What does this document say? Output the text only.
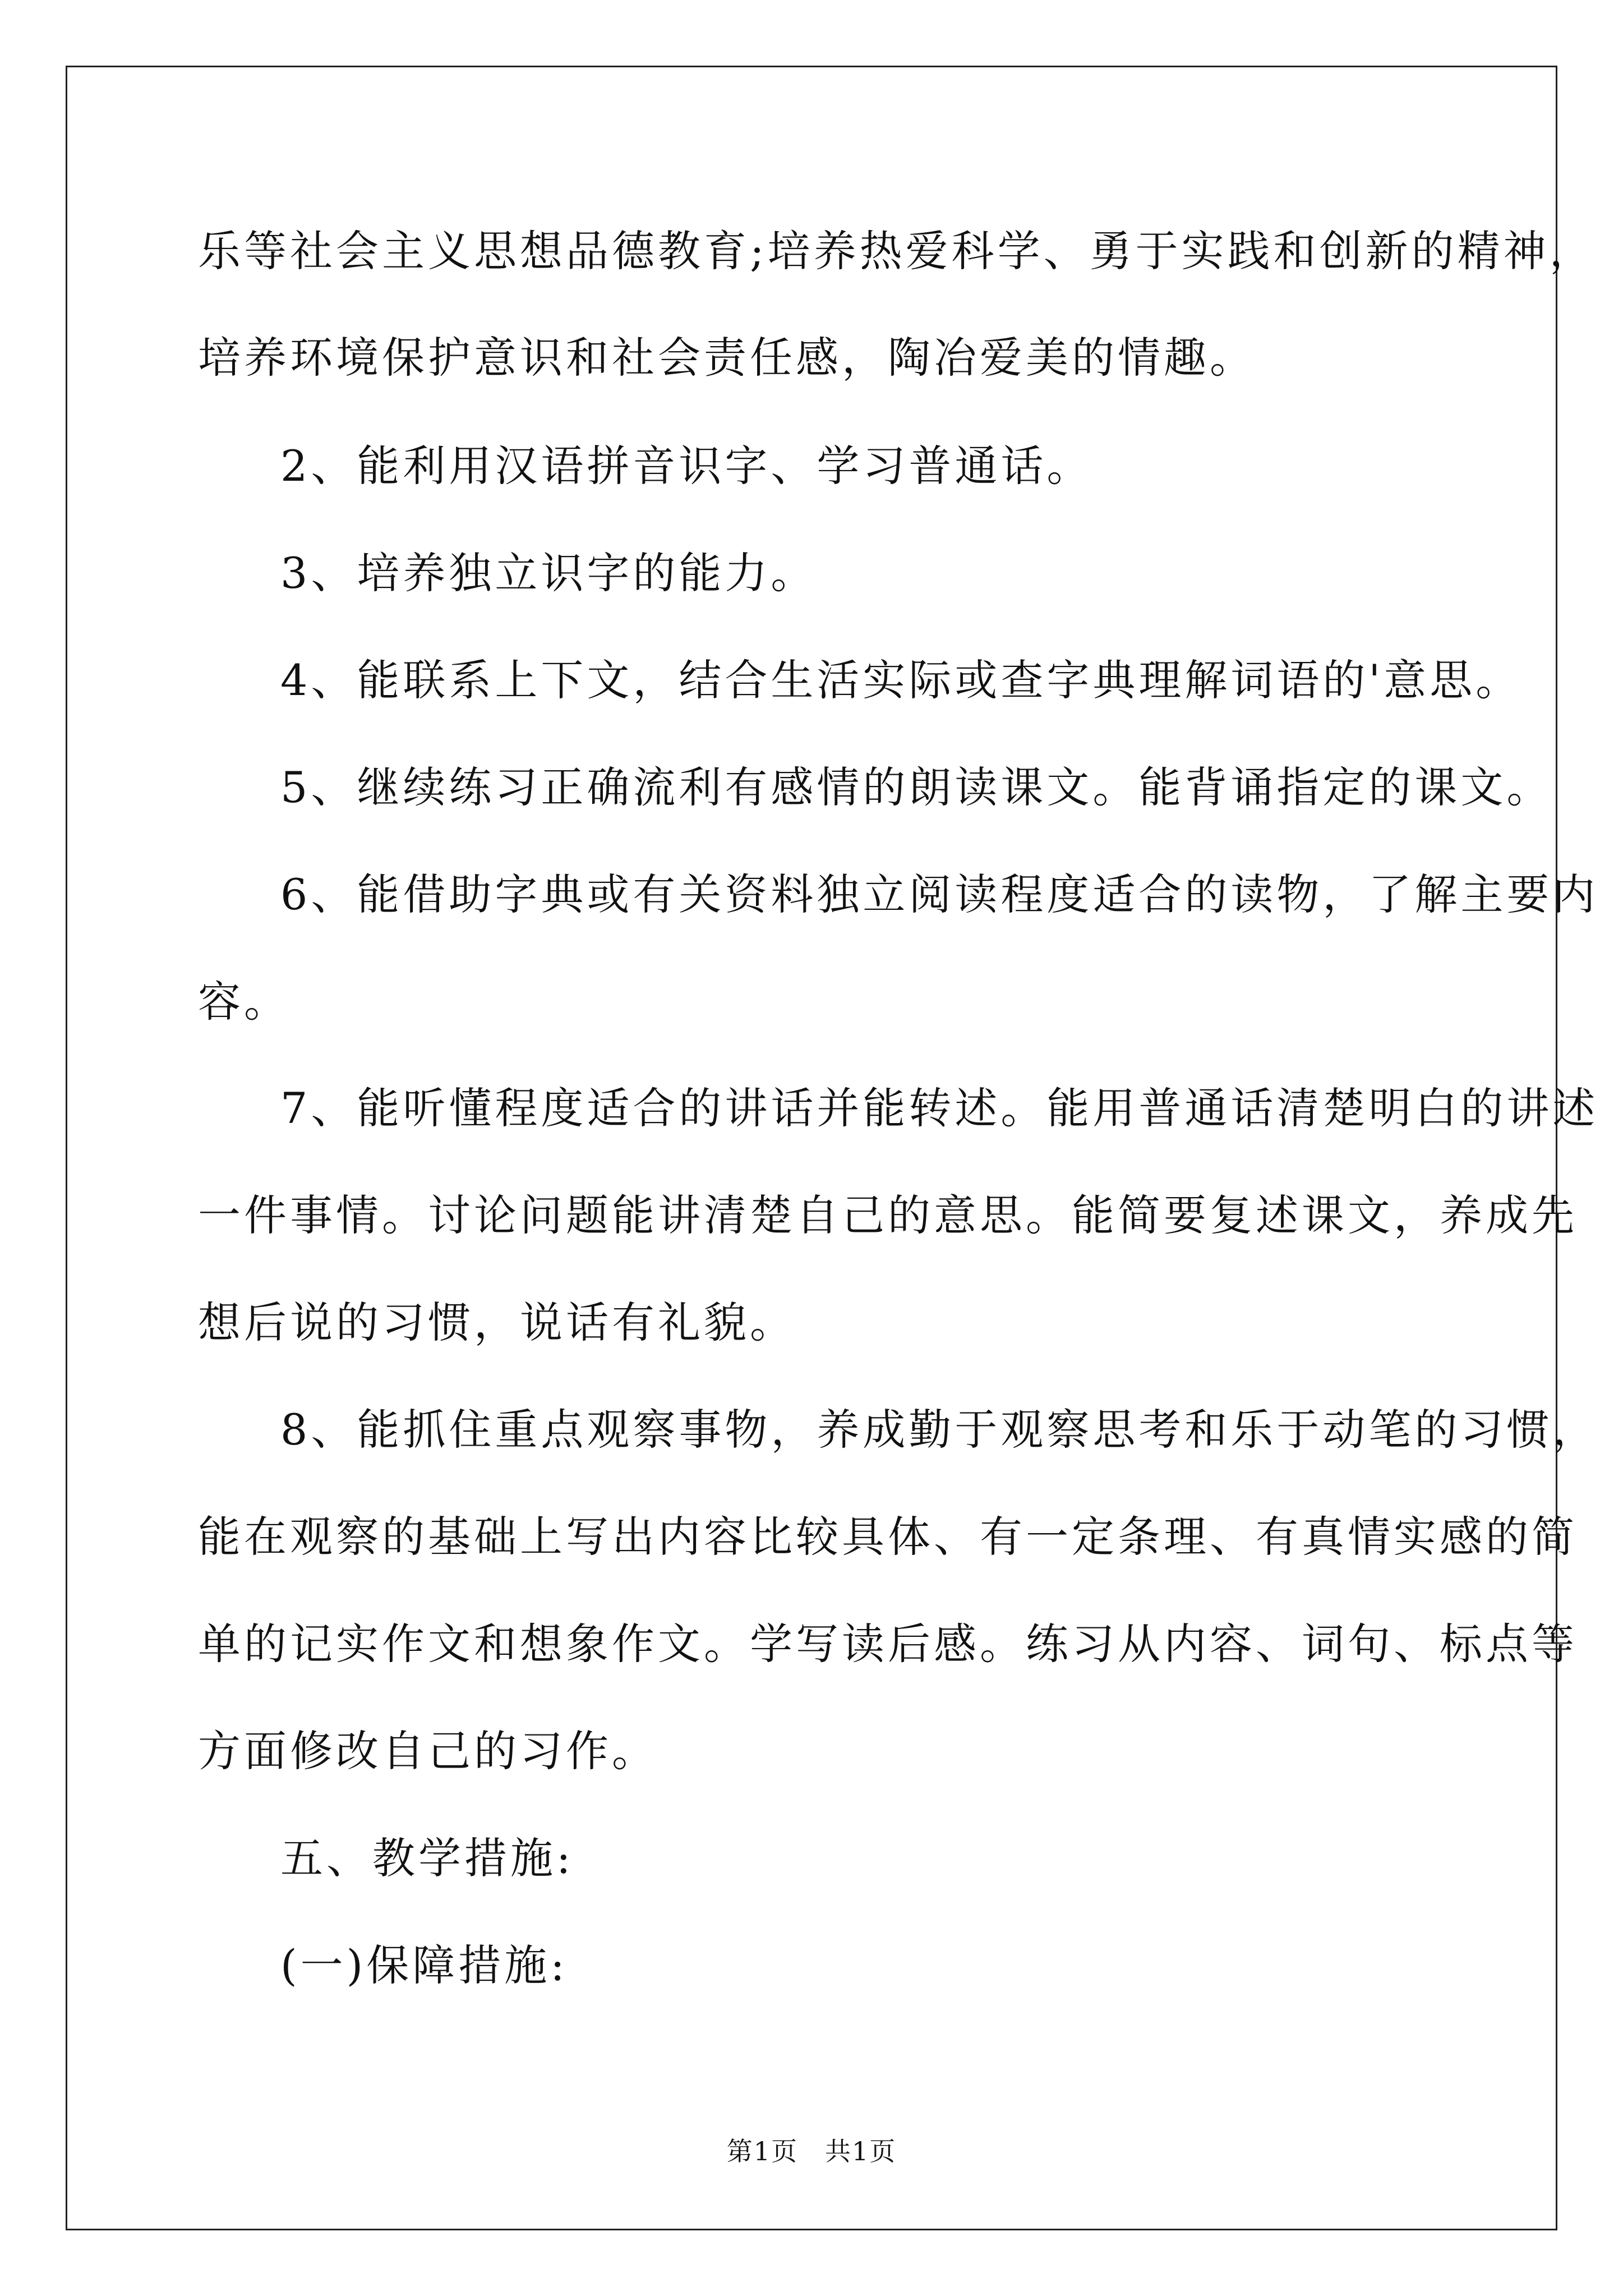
乐等社会主义思想品德教育;培养热爱科学、勇于实践和创新的精神，
培养环境保护意识和社会责任感，陶冶爱美的情趣。
2、能利用汉语拼音识字、学习普通话。
3、培养独立识字的能力。
4、能联系上下文，结合生活实际或查字典理解词语的'意思。
5、继续练习正确流利有感情的朗读课文。能背诵指定的课文。
6、能借助字典或有关资料独立阅读程度适合的读物，了解主要内
容。
7、能听懂程度适合的讲话并能转述。能用普通话清楚明白的讲述
一件事情。讨论问题能讲清楚自己的意思。能简要复述课文，养成先
想后说的习惯，说话有礼貌。
8、能抓住重点观察事物，养成勤于观察思考和乐于动笔的习惯，
能在观察的基础上写出内容比较具体、有一定条理、有真情实感的简
单的记实作文和想象作文。学写读后感。练习从内容、词句、标点等
方面修改自己的习作。
五、教学措施:
(一)保障措施:
第1页 共1页
